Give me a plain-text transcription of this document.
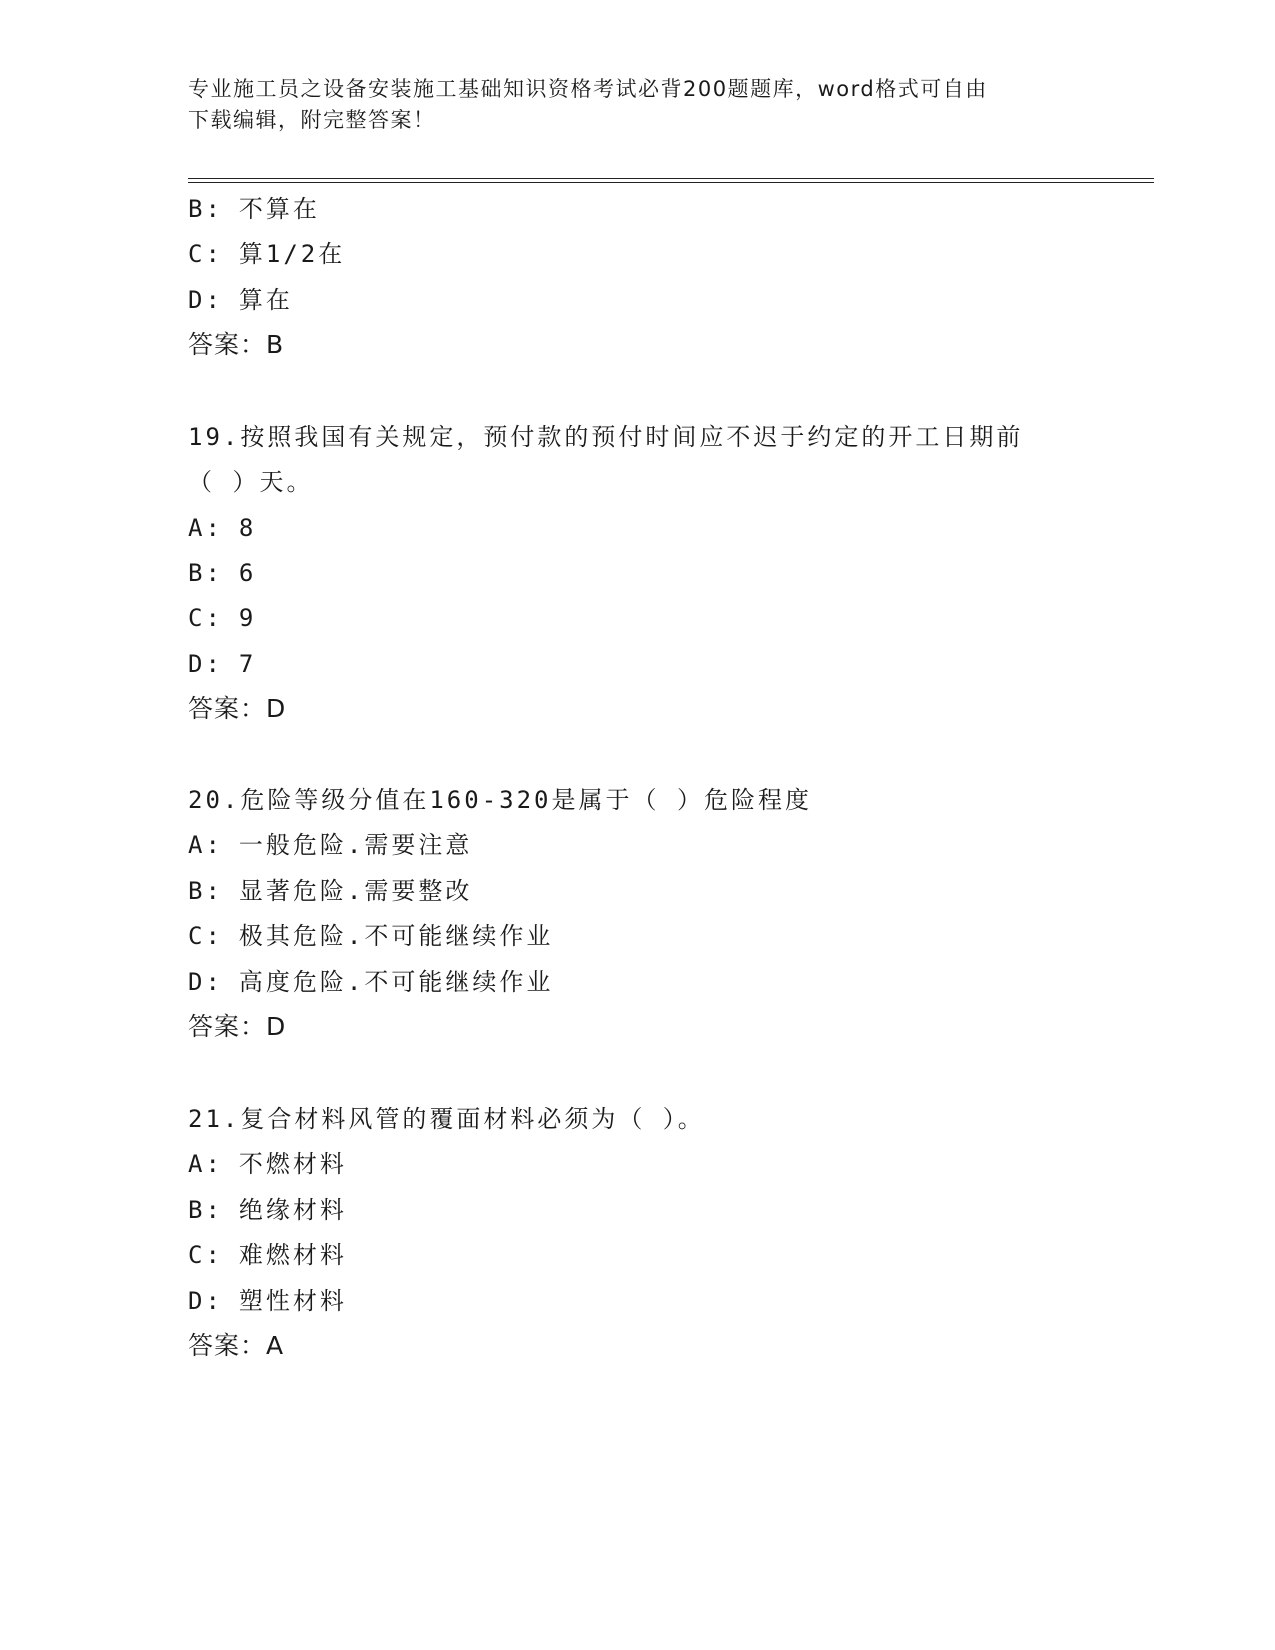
专业施工员之设备安装施工基础知识资格考试必背200题题库，word格式可自由
下载编辑，附完整答案！
B: 不算在
C: 算1/2在
D: 算在
答案：B
19.按照我国有关规定，预付款的预付时间应不迟于约定的开工日期前
（ ）天。
A: 8
B: 6
C: 9
D: 7
答案：D
20.危险等级分值在160-320是属于（ ）危险程度
A: 一般危险.需要注意
B: 显著危险.需要整改
C: 极其危险.不可能继续作业
D: 高度危险.不可能继续作业
答案：D
21.复合材料风管的覆面材料必须为（ ）。
A: 不燃材料
B: 绝缘材料
C: 难燃材料
D: 塑性材料
答案：A
